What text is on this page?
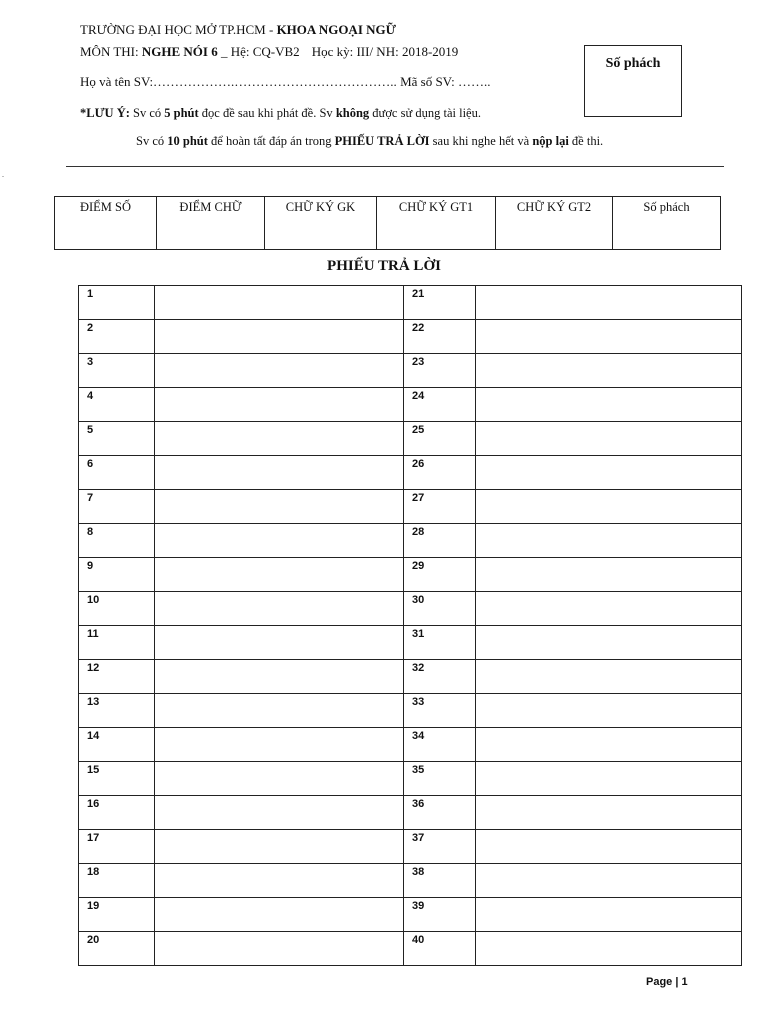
TRƯỜNG ĐẠI HỌC MỞ TP.HCM - KHOA NGOẠI NGỮ
MÔN THI: NGHE NÓI 6 _ Hệ: CQ-VB2 Học kỳ: III/ NH: 2018-2019
Họ và tên SV:……………….……………………………….. Mã số SV: ……..
Số phách
*LƯU Ý: Sv có 5 phút đọc đề sau khi phát đề. Sv không được sử dụng tài liệu.
Sv có 10 phút để hoàn tất đáp án trong PHIẾU TRẢ LỜI sau khi nghe hết và nộp lại đề thi.
.
ĐIỂM SỐ	ĐIỂM CHỮ	CHỮ KÝ GK	CHỮ KÝ GT1	CHỮ KÝ GT2	Số phách
PHIẾU TRẢ LỜI
1		21	
2		22	
3		23	
4		24	
5		25	
6		26	
7		27	
8		28	
9		29	
10		30	
11		31	
12		32	
13		33	
14		34	
15		35	
16		36	
17		37	
18		38	
19		39	
20		40	
Page | 1
